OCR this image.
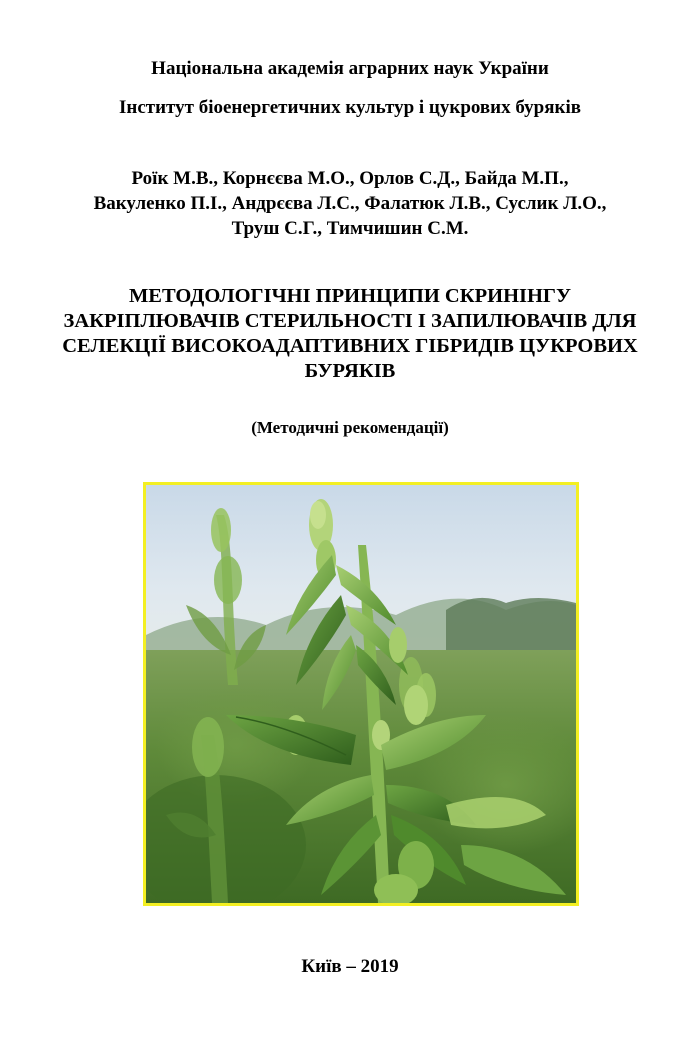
Національна академія аграрних наук України
Інститут біоенергетичних культур і цукрових буряків
Роїк М.В., Корнєєва М.О., Орлов С.Д., Байда М.П.,
Вакуленко П.І., Андрєєва Л.С., Фалатюк Л.В., Суслик Л.О.,
Труш С.Г., Тимчишин С.М.
МЕТОДОЛОГІЧНІ ПРИНЦИПИ СКРИНІНГУ
ЗАКРІПЛЮВАЧІВ СТЕРИЛЬНОСТІ І ЗАПИЛЮВАЧІВ ДЛЯ
СЕЛЕКЦІЇ ВИСОКОАДАПТИВНИХ ГІБРИДІВ ЦУКРОВИХ
БУРЯКІВ
(Методичні рекомендації)
Київ – 2019
